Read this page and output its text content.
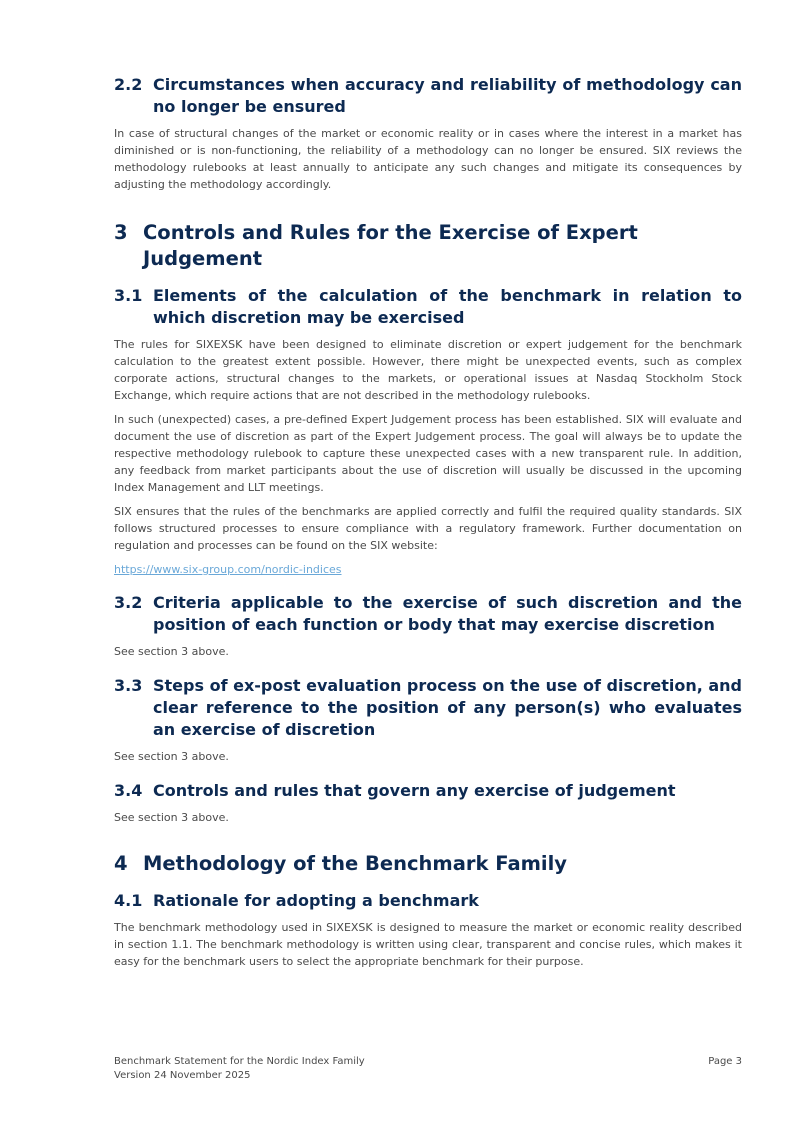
2.2 Circumstances when accuracy and reliability of methodology can no longer be ensured

In case of structural changes of the market or economic reality or in cases where the interest in a market has diminished or is non-functioning, the reliability of a methodology can no longer be ensured. SIX reviews the methodology rulebooks at least annually to anticipate any such changes and mitigate its consequences by adjusting the methodology accordingly.

3 Controls and Rules for the Exercise of Expert Judgement
3.1 Elements of the calculation of the benchmark in relation to which discretion may be exercised

The rules for SIXEXSK have been designed to eliminate discretion or expert judgement for the benchmark calculation to the greatest extent possible. However, there might be unexpected events, such as complex corporate actions, structural changes to the markets, or operational issues at Nasdaq Stockholm Stock Exchange, which require actions that are not described in the methodology rulebooks.

In such (unexpected) cases, a pre-defined Expert Judgement process has been established. SIX will evaluate and document the use of discretion as part of the Expert Judgement process. The goal will always be to update the respective methodology rulebook to capture these unexpected cases with a new transparent rule. In addition, any feedback from market participants about the use of discretion will usually be discussed in the upcoming Index Management and LLT meetings.

SIX ensures that the rules of the benchmarks are applied correctly and fulfil the required quality standards. SIX follows structured processes to ensure compliance with a regulatory framework. Further documentation on regulation and processes can be found on the SIX website:

https://www.six-group.com/nordic-indices

3.2 Criteria applicable to the exercise of such discretion and the position of each function or body that may exercise discretion

See section 3 above.

3.3 Steps of ex-post evaluation process on the use of discretion, and clear reference to the position of any person(s) who evaluates an exercise of discretion

See section 3 above.

3.4 Controls and rules that govern any exercise of judgement

See section 3 above.

4 Methodology of the Benchmark Family
4.1 Rationale for adopting a benchmark

The benchmark methodology used in SIXEXSK is designed to measure the market or economic reality described in section 1.1. The benchmark methodology is written using clear, transparent and concise rules, which makes it easy for the benchmark users to select the appropriate benchmark for their purpose.

Benchmark Statement for the Nordic Index Family
Version 24 November 2025
Page 3
